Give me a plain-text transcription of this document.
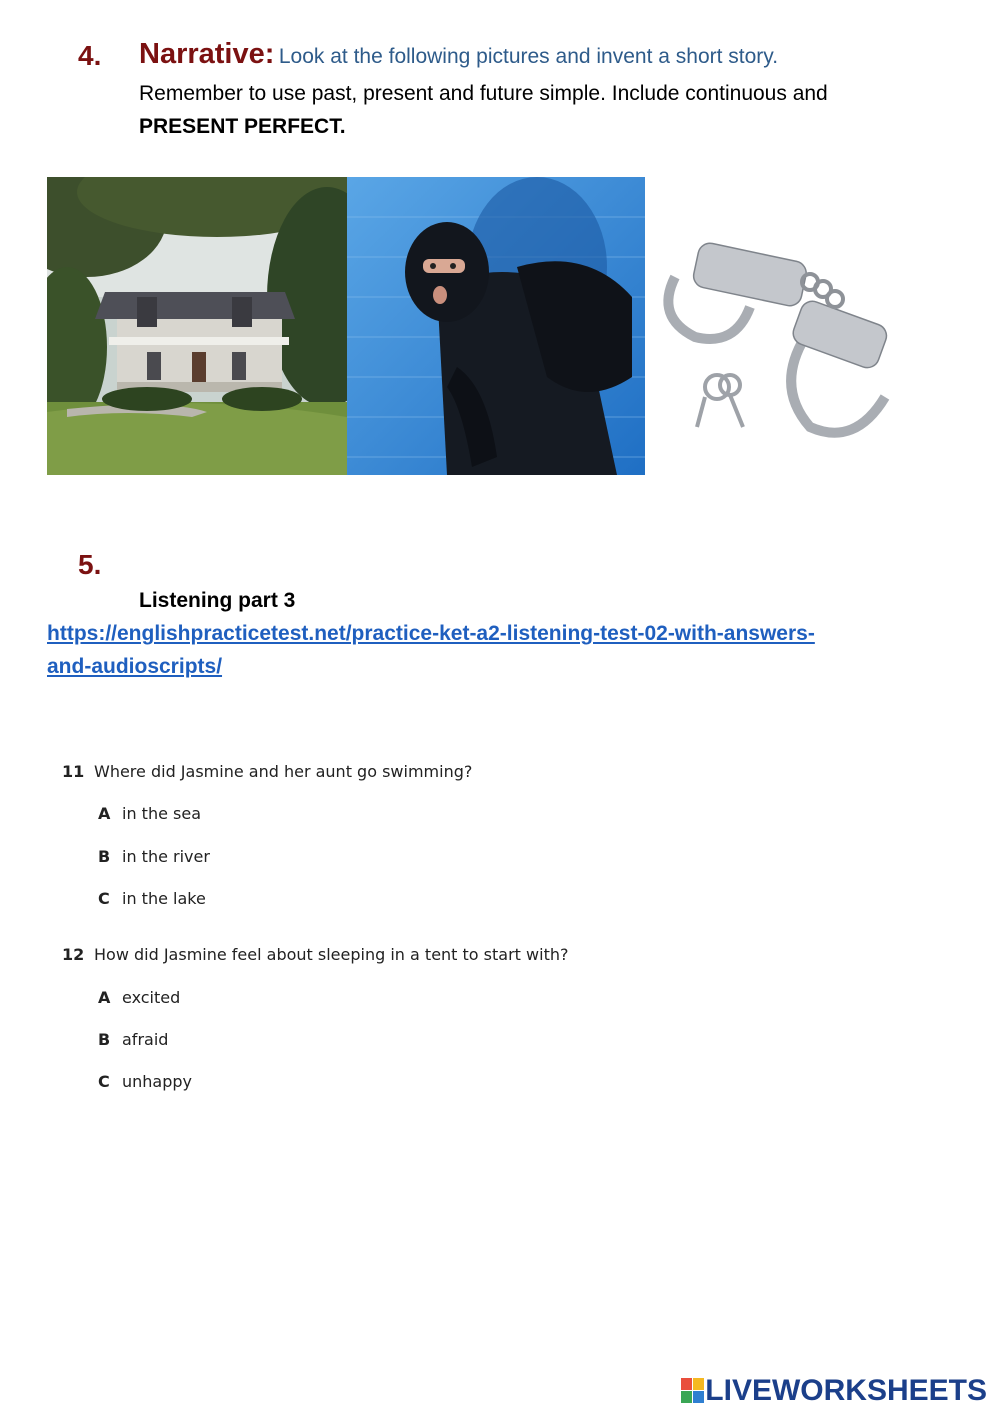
4. Narrative: Look at the following pictures and invent a short story.
Remember to use past, present and future simple. Include continuous and
PRESENT PERFECT.
5.
Listening part 3
https://englishpracticetest.net/practice-ket-a2-listening-test-02-with-answers-
and-audioscripts/
11 Where did Jasmine and her aunt go swimming?
A in the sea
B in the river
C in the lake
12 How did Jasmine feel about sleeping in a tent to start with?
A excited
B afraid
C unhappy
LIVEWORKSHEETS
